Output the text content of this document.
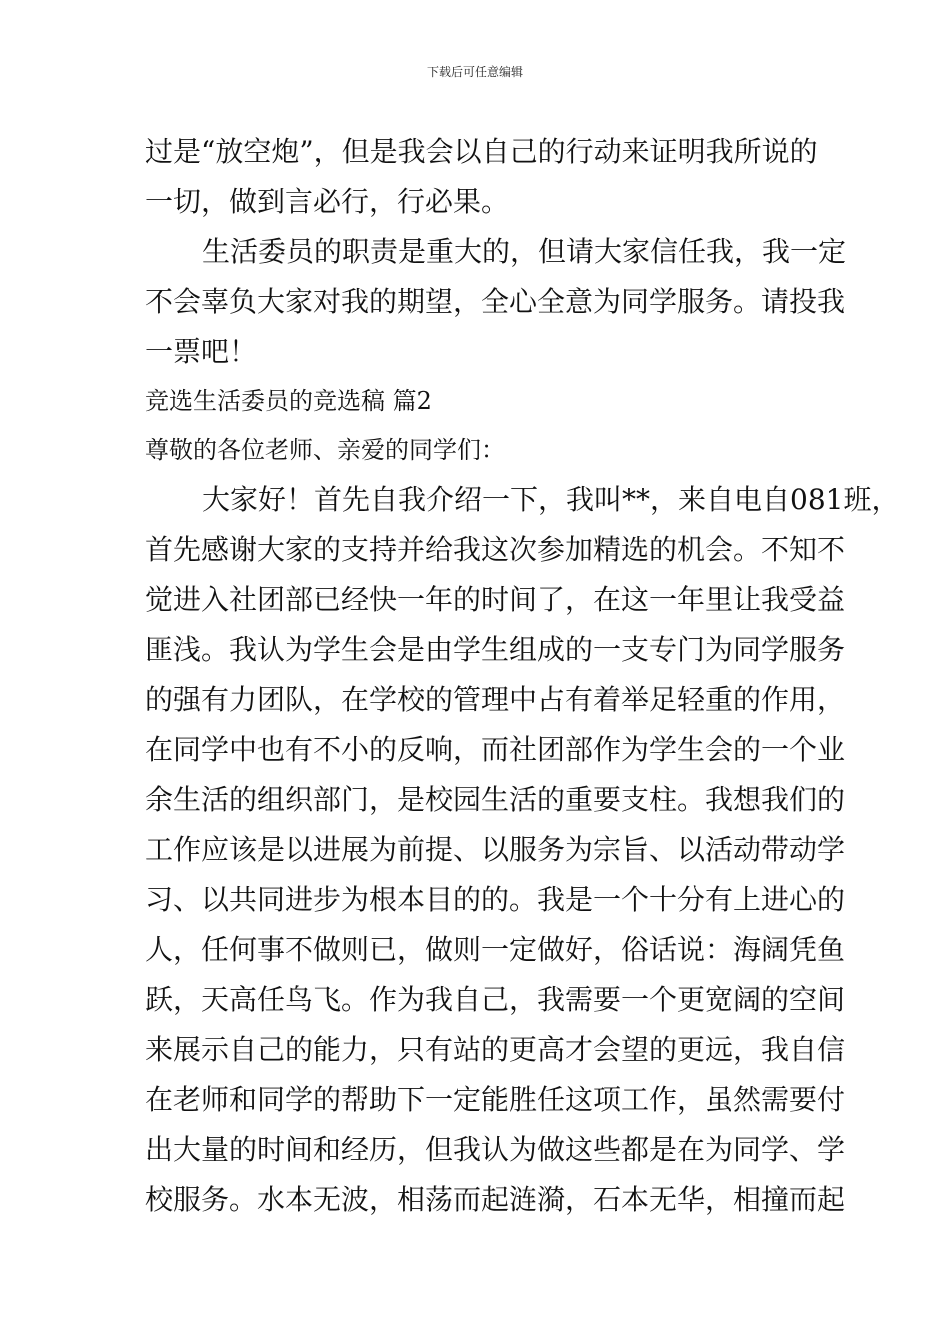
下载后可任意编辑
过是“放空炮”，但是我会以自己的行动来证明我所说的
一切，做到言必行，行必果。
生活委员的职责是重大的，但请大家信任我，我一定
不会辜负大家对我的期望，全心全意为同学服务。请投我
一票吧！
竞选生活委员的竞选稿 篇2
尊敬的各位老师、亲爱的同学们：
大家好！首先自我介绍一下，我叫**，来自电自081班，
首先感谢大家的支持并给我这次参加精选的机会。不知不
觉进入社团部已经快一年的时间了，在这一年里让我受益
匪浅。我认为学生会是由学生组成的一支专门为同学服务
的强有力团队，在学校的管理中占有着举足轻重的作用，
在同学中也有不小的反响，而社团部作为学生会的一个业
余生活的组织部门，是校园生活的重要支柱。我想我们的
工作应该是以进展为前提、以服务为宗旨、以活动带动学
习、以共同进步为根本目的的。我是一个十分有上进心的
人，任何事不做则已，做则一定做好，俗话说：海阔凭鱼
跃，天高任鸟飞。作为我自己，我需要一个更宽阔的空间
来展示自己的能力，只有站的更高才会望的更远，我自信
在老师和同学的帮助下一定能胜任这项工作，虽然需要付
出大量的时间和经历，但我认为做这些都是在为同学、学
校服务。水本无波，相荡而起涟漪，石本无华，相撞而起
